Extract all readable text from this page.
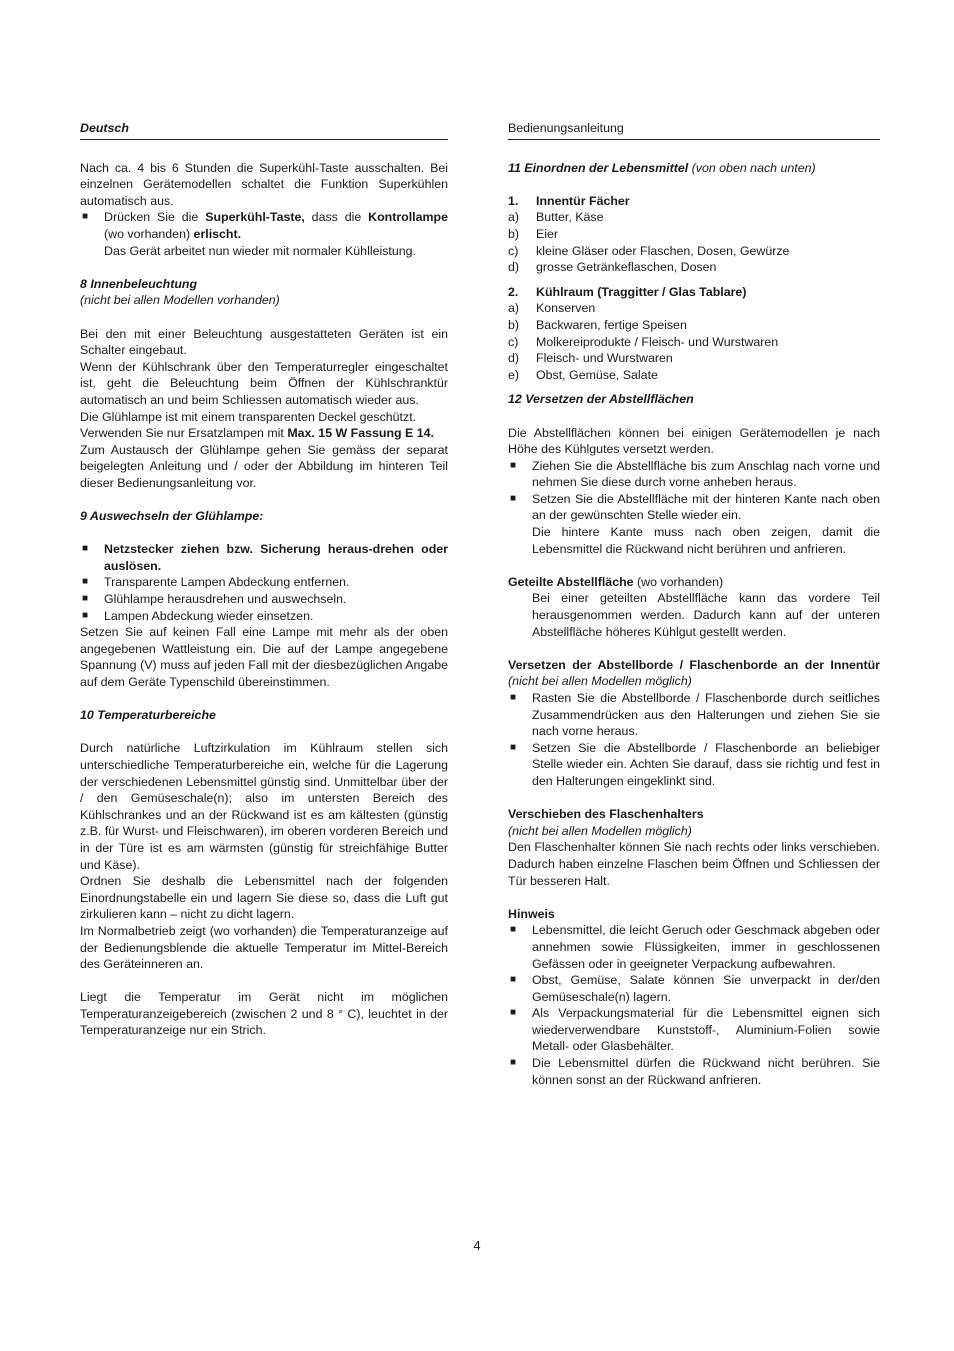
Deutsch

Nach ca. 4 bis 6 Stunden die Superkühl-Taste ausschalten. Bei einzelnen Gerätemodellen schaltet die Funktion Superkühlen automatisch aus.

■ Drücken Sie die Superkühl-Taste, dass die Kontrollampe (wo vorhanden) erlischt.
Das Gerät arbeitet nun wieder mit normaler Kühlleistung.

8 Innenbeleuchtung

(nicht bei allen Modellen vorhanden)

Bei den mit einer Beleuchtung ausgestatteten Geräten ist ein Schalter eingebaut.

Wenn der Kühlschrank über den Temperaturregler eingeschaltet ist, geht die Beleuchtung beim Öffnen der Kühlschranktür automatisch an und beim Schliessen automatisch wieder aus.

Die Glühlampe ist mit einem transparenten Deckel geschützt.

Verwenden Sie nur Ersatzlampen mit Max. 15 W Fassung E 14.

Zum Austausch der Glühlampe gehen Sie gemäss der separat beigelegten Anleitung und / oder der Abbildung im hinteren Teil dieser Bedienungsanleitung vor.

9 Auswechseln der Glühlampe:

■ Netzstecker ziehen bzw. Sicherung heraus-drehen oder auslösen.
■ Transparente Lampen Abdeckung entfernen.
■ Glühlampe herausdrehen und auswechseln.
■ Lampen Abdeckung wieder einsetzen.

Setzen Sie auf keinen Fall eine Lampe mit mehr als der oben angegebenen Wattleistung ein. Die auf der Lampe angegebene Spannung (V) muss auf jeden Fall mit der diesbezüglichen Angabe auf dem Geräte Typenschild übereinstimmen.

10 Temperaturbereiche

Durch natürliche Luftzirkulation im Kühlraum stellen sich unterschiedliche Temperaturbereiche ein, welche für die Lagerung der verschiedenen Lebensmittel günstig sind. Unmittelbar über der / den Gemüseschale(n); also im untersten Bereich des Kühlschrankes und an der Rückwand ist es am kältesten (günstig z.B. für Wurst- und Fleischwaren), im oberen vorderen Bereich und in der Türe ist es am wärmsten (günstig für streichfähige Butter und Käse).

Ordnen Sie deshalb die Lebensmittel nach der folgenden Einordnungstabelle ein und lagern Sie diese so, dass die Luft gut zirkulieren kann – nicht zu dicht lagern.

Im Normalbetrieb zeigt (wo vorhanden) die Temperaturanzeige auf der Bedienungsblende die aktuelle Temperatur im Mittel-Bereich des Geräteinneren an.

Liegt die Temperatur im Gerät nicht im möglichen Temperaturanzeigebereich (zwischen 2 und 8 ° C), leuchtet in der Temperaturanzeige nur ein Strich.

Bedienungsanleitung

11 Einordnen der Lebensmittel (von oben nach unten)

1.	Innentür Fächer
a)	Butter, Käse
b)	Eier
c)	kleine Gläser oder Flaschen, Dosen, Gewürze
d)	grosse Getränkeflaschen, Dosen
2.	Kühlraum (Traggitter / Glas Tablare)
a)	Konserven
b)	Backwaren, fertige Speisen
c)	Molkereiprodukte / Fleisch- und Wurstwaren
d)	Fleisch- und Wurstwaren
e)	Obst, Gemüse, Salate

12 Versetzen der Abstellflächen

Die Abstellflächen können bei einigen Gerätemodellen je nach Höhe des Kühlgutes versetzt werden.

■ Ziehen Sie die Abstellfläche bis zum Anschlag nach vorne und nehmen Sie diese durch vorne anheben heraus.
■ Setzen Sie die Abstellfläche mit der hinteren Kante nach oben an der gewünschten Stelle wieder ein.
Die hintere Kante muss nach oben zeigen, damit die Lebensmittel die Rückwand nicht berühren und anfrieren.

Geteilte Abstellfläche (wo vorhanden)

Bei einer geteilten Abstellfläche kann das vordere Teil herausgenommen werden. Dadurch kann auf der unteren Abstellfläche höheres Kühlgut gestellt werden.

Versetzen der Abstellborde / Flaschenborde an der Innentür (nicht bei allen Modellen möglich)

■ Rasten Sie die Abstellborde / Flaschenborde durch seitliches Zusammendrücken aus den Halterungen und ziehen Sie sie nach vorne heraus.
■ Setzen Sie die Abstellborde / Flaschenborde an beliebiger Stelle wieder ein. Achten Sie darauf, dass sie richtig und fest in den Halterungen eingeklinkt sind.

Verschieben des Flaschenhalters

(nicht bei allen Modellen möglich)

Den Flaschenhalter können Sie nach rechts oder links verschieben. Dadurch haben einzelne Flaschen beim Öffnen und Schliessen der Tür besseren Halt.

Hinweis

■ Lebensmittel, die leicht Geruch oder Geschmack abgeben oder annehmen sowie Flüssigkeiten, immer in geschlossenen Gefässen oder in geeigneter Verpackung aufbewahren.
■ Obst, Gemüse, Salate können Sie unverpackt in der/den Gemüseschale(n) lagern.
■ Als Verpackungsmaterial für die Lebensmittel eignen sich wiederverwendbare Kunststoff-, Aluminium-Folien sowie Metall- oder Glasbehälter.
■ Die Lebensmittel dürfen die Rückwand nicht berühren. Sie können sonst an der Rückwand anfrieren.
4
